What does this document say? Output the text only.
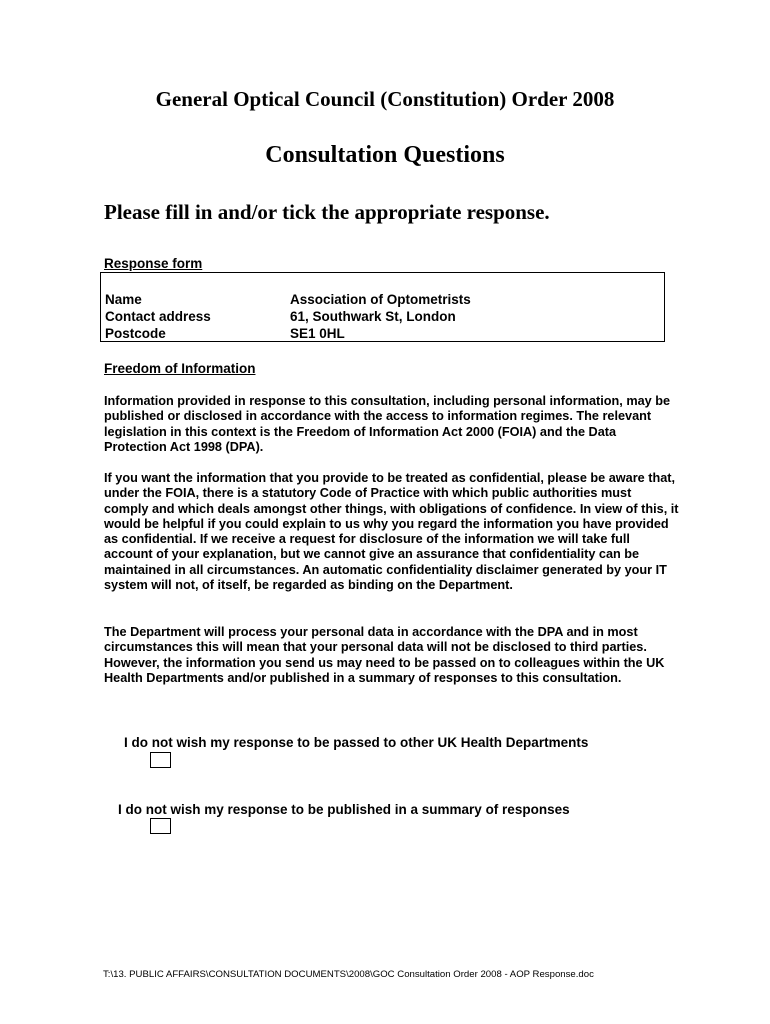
General Optical Council (Constitution) Order 2008
Consultation Questions

Please fill in and/or tick the appropriate response.

Response form
Name	Association of Optometrists
Contact address	61, Southwark St, London
Postcode	SE1 0HL
Freedom of Information

Information provided in response to this consultation, including personal information, may be published or disclosed in accordance with the access to information regimes. The relevant legislation in this context is the Freedom of Information Act 2000 (FOIA) and the Data Protection Act 1998 (DPA).

If you want the information that you provide to be treated as confidential, please be aware that, under the FOIA, there is a statutory Code of Practice with which public authorities must comply and which deals amongst other things, with obligations of confidence. In view of this, it would be helpful if you could explain to us why you regard the information you have provided as confidential. If we receive a request for disclosure of the information we will take full account of your explanation, but we cannot give an assurance that confidentiality can be maintained in all circumstances. An automatic confidentiality disclaimer generated by your IT system will not, of itself, be regarded as binding on the Department.

The Department will process your personal data in accordance with the DPA and in most circumstances this will mean that your personal data will not be disclosed to third parties. However, the information you send us may need to be passed on to colleagues within the UK Health Departments and/or published in a summary of responses to this consultation.

I do not wish my response to be passed to other UK Health Departments
I do not wish my response to be published in a summary of responses
T:\13. PUBLIC AFFAIRS\CONSULTATION DOCUMENTS\2008\GOC Consultation Order 2008 - AOP Response.doc
